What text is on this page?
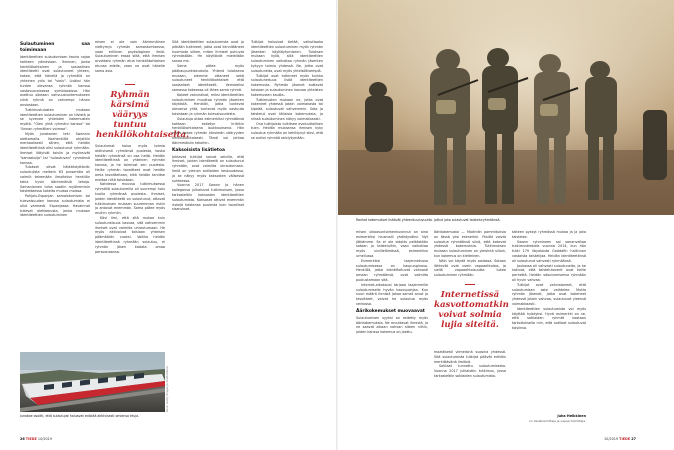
Sulautuminen saa toimimaan
Identiteettien sulautumisen teoria nojaa kahteen ydinasiaan. Ihminen, jonka henkilökohtainen ja sosiaalinen identiteetti ovat sulautuneet yhteen, kokee, että hänellä ja ryhmällä on yhteinen ydin tai "sielu". Lisäksi hän tuntee olevansa ryhmän kanssa vastavuoroisessa symbioosissa. Hän asettuu oikeaan vahvuustuntemukseen siinä ryhmä on vahvempi hänen ansiostaan.
Tutkimustulosten mukaan identiteettien sulautuminen on tiivistä ja se syvenee yhteisten kokemusten myötä. "Olen yhtä ryhmäni kanssa" tai "Annan ryhmälleni voimaa".
Myös junakonen teki Swannin olettamalla. Koehenkilöt ohjattiin mentaalisesti siihen, että heidän identiteettinsä olisi sulautunut ryhmään. Ihmiset liittyivät toisiin ja myönsivät "samastuija" tai "sulautuvan" ryhmänsä kanssa.
Tulokset olivat hätkähdyttäviä: sulautujista melkein 63 prosenttia oli valmiit tekemään ilmoitetun henkilön takia hyvin äärimmäisiä tekoja. Samanlainen tulos saatiin myöhemmin toistettaessa kokeita muissa maissa.
Pohjois-Espanjan samaistumisen tai tulevaisuuden kanssa sulautumista ei ollut varmasti. Espanjassa. Havainnot tukevat olettamusta, jonka mukaan identiteettien sulautuminen
misen ei ole vain äärimmäinen viettymys ryhmän samastumisessa, vaan erillinen psykologinen ilmiö. Sulautuminen eroaa siitä, että ihmisen arvottaisi ryhmän etua henkilökohtaisen etunsa edelle, vaan ne ovat hänelle sama asia.
Ryhmän kärsimä vääryys tuntuu henkilökohtaiselta.
Sulautumat halua myös toimia aktiivisesti ryhmänsä puolesta, koska heidän ryhmänsä on osa heitä. Heidän identiteettinsä on yhteinen ryhmän kanssa, ja he toimivat sen puolesta. Heille ryhmän tavoitteet ovat heidän omia tavoitteitaan, eikä heidän tarvitse erottaa niitä toisistaan.
Kahdessa muussa tutkimuksessa ryhmällä sulautuneilla oli suurempi halu kuolla ryhmänsä puolesta. Ihmiset, joiden identiteetti on sulautunut, ottavat tutkimuksen mukaan suuremman riskin ja antavat enemmän. Sama pätee myös muihin ryhmiin.
Kävi ilmi, että sitä mukaa kuin sulautuneisuus kasvaa, sitä vahvemmin ihmiset ovat valmiita uhrautumaan. He myös aktivoivat toisiaan yhteisen päämäärän vuoksi. Vaikka heidän identiteettinsä ryhmään sulautuu, ei ryhmän jäsen kadota omaa persoonaansa.
Sitä identiteettien sulautumista ovat jo pitkään tutkineet, jotka ovat kiinnittäneet huomiota siihen, miten ihmiset puhuvat ryhmästään. He käyttävät mielellään sanaa me.
Sama pätee myös pääkaupunkiseudulla. Yhtenä tuloksena mukaan, olemme ottaneet sekä sulautuneet henkilökohtaiset että sosiaaliset identiteetit. Verrokeiksi samassa kokeessa oli lähes sama ryhmä.
Kokeet vahvistivat, miksi identiteettien sulautuminen muuttaa ryhmän jäsenten käytöstä. Henkilöt, jotka tuntevat olevansa yhtä, tuntevat myös vastuuta toisistaan ja ryhmän tulevaisuudesta.
Sulautuja ottaa esimerkiksi ryhmäänsä kohtaan esitetyn kritiikin henkilökohtaisena loukkauksena. Hän myös kokee ryhmän kärsimän vääryyden henkilökohtaisesti. Tämä voi johtaa äärimmäisiin tekoihin.
Kaksoisista lisätietoa
Johtavat tutkijat saivat selville, että ihmiset, joiden identiteetti on sulautunut ryhmään, ovat valmiita uhrautumaan. Ilmiö on yleinen sotilaiden keskuudessa, ja se näkyy myös kaksosten välisessä suhteessa.
Vuonna 2017 Swann ja hänen kollegansa julkaisivat tutkimuksen, jossa tarkasteltiin kaksosten identiteettien sulautumista. Kaksoset ottivat enemmän riskejä toistensa puolesta kuin tavalliset sisarukset.
Tutkijat halusivat tietää, vaikuttaako identiteettien sulautuminen myös ryhmän jäsenten käyttäytymiseen. Tuloksen mukaan kyllä, sillä identiteettien sulautuminen vaikuttaa ryhmän jäsenten kykyyn toimia yhdessä. Ne, jotka ovat sulautuneita, ovat myös yhteisöllisempiä.
Tutkijat ovat tutkineet myös kuinka sulautuneisuus lisää identiteettien kokemusta. Ryhmän jäsenet auttavat toisiaan ja sulautuminen kasvaa yhteisten kokemusten kautta.
Tutkimusten mukaan ne, jotka ovat kokeneet yhdessä jotain voimakasta tai kipeää, sulautuvat vahvemmin. Sota ja taistelut ovat tällaisia kokemuksia, ja niissä sulautuminen näkyy voimakkaasti.
Ona tutkijoista tulkitsee evoluutiollisen tuen. Heidän mukaansa ihmisen kyky sulautua ryhmään on kehittynyt siksi, että se auttoi ryhmää selviytymään.
Junakoe osoitti, että sulautujat haluavat edistää aktiivisesti omiensa etuja.
Kuva: Getty Images ja Shutterstock
26 TIEDE 10/2019
Rankat kokemukset lisäävät yhteenkuuluvuutta. Jotkut joka sulautuvat taisteluryhmäänsä.
misen ulkoasuntoimenkuvinnut on aina esimerkiksi hiusmalli yhdistyväksi. Nyt jätkämme. Se ei ole sidottu pelkästään sotaan ja taisteluihin, vaan vaikuttaa myös siviilielämässä, esimerkiksi urheilussa.
Esimerkiksi laajennetussa sulautumisessa on kaupunginosa. Henkilöt, jotka identifioituvat vahvasti omaan ryhmäänsä, ovat valmiita puolustamaan sitä.
Internet-aikakausi tarjoaa laajemmille sulautumiselle hyvän kasvupohjan. Kun suuri määrä ihmisiä jakaa samat arvot ja tavoitteet, voivat he sulautua myös verkossa.
Äärikokemukset muovaavat
Sulautumisen syyksi on esitetty myös äärikokemuksia. Ne muuttavat ihmistä, ja ne saavat aikaan vahvan siteen niihin, joiden kanssa kokemus on jaettu.
äärikokemusta — Madridin pommituksia on tässä yksi esimerkki. Yksilöt voivat sulautua ryhmäänsä siinä, että kokevat yhdessä kokemuksia. Tutkimuksen mukaan sulautuminen on yleisintä silloin, kun kokemus on kielteinen.
Näin voi käydä myös sodassa. Sotaan lähtevät ovat usein vapaaehtoisia, ja siellä vapaaehtoisuutta tukee sulautuminen ryhmään.
Internetissä kasvottomatkin voivat solmia lujia siteitä.
maattisesti viimeisinä vuosina yhdessä. Sitä sulautumista tutkijat pitävät erittäin merkittävänä ilmiönä.
Sotilaat tunnettu sulautumisesta. Vuonna 2017 julkaistiin tutkimus, jossa tarkasteltiin sotilaiden sulautumista.
taiteen pyssyt ryhmässä mukaa ja ja joka taistelee.
Swann ryhmineen sai sananvaltaa tutkimustiedolla vuonna 2014, kun hän tutki 179 libyalaista Gaddafin hallinnon vastaista taistelijaa. Heidän identiteettinsä oli sulautunut vahvasti ryhmäänsä.
Joukossa oli vahvasti sulautuneita, ja he kokivat, että taistelutoverit ovat heille perhettä. Heidän sitoutumisensa ryhmään oli hyvin vahvaa.
Tutkijat ovat vahvistaneet, että sulautumisen aste vaihtelee. Mutta ryhmän jäsenet, jotka ovat kokeneet yhdessä jotain vahvaa, sulautuvat yleensä voimakkaasti.
Identiteettien sulautumista voi myös käyttää hyödyksi. Hyvä esimerkki on se, että sotilaiden ryhmät kootaan tarkoituksella niin, että sotilaat sulautuvat toisiinsa.
Juha Heikkinen
on tiedetoimittaja ja vapaa toimittaja.
10/2019 TIEDE 27
